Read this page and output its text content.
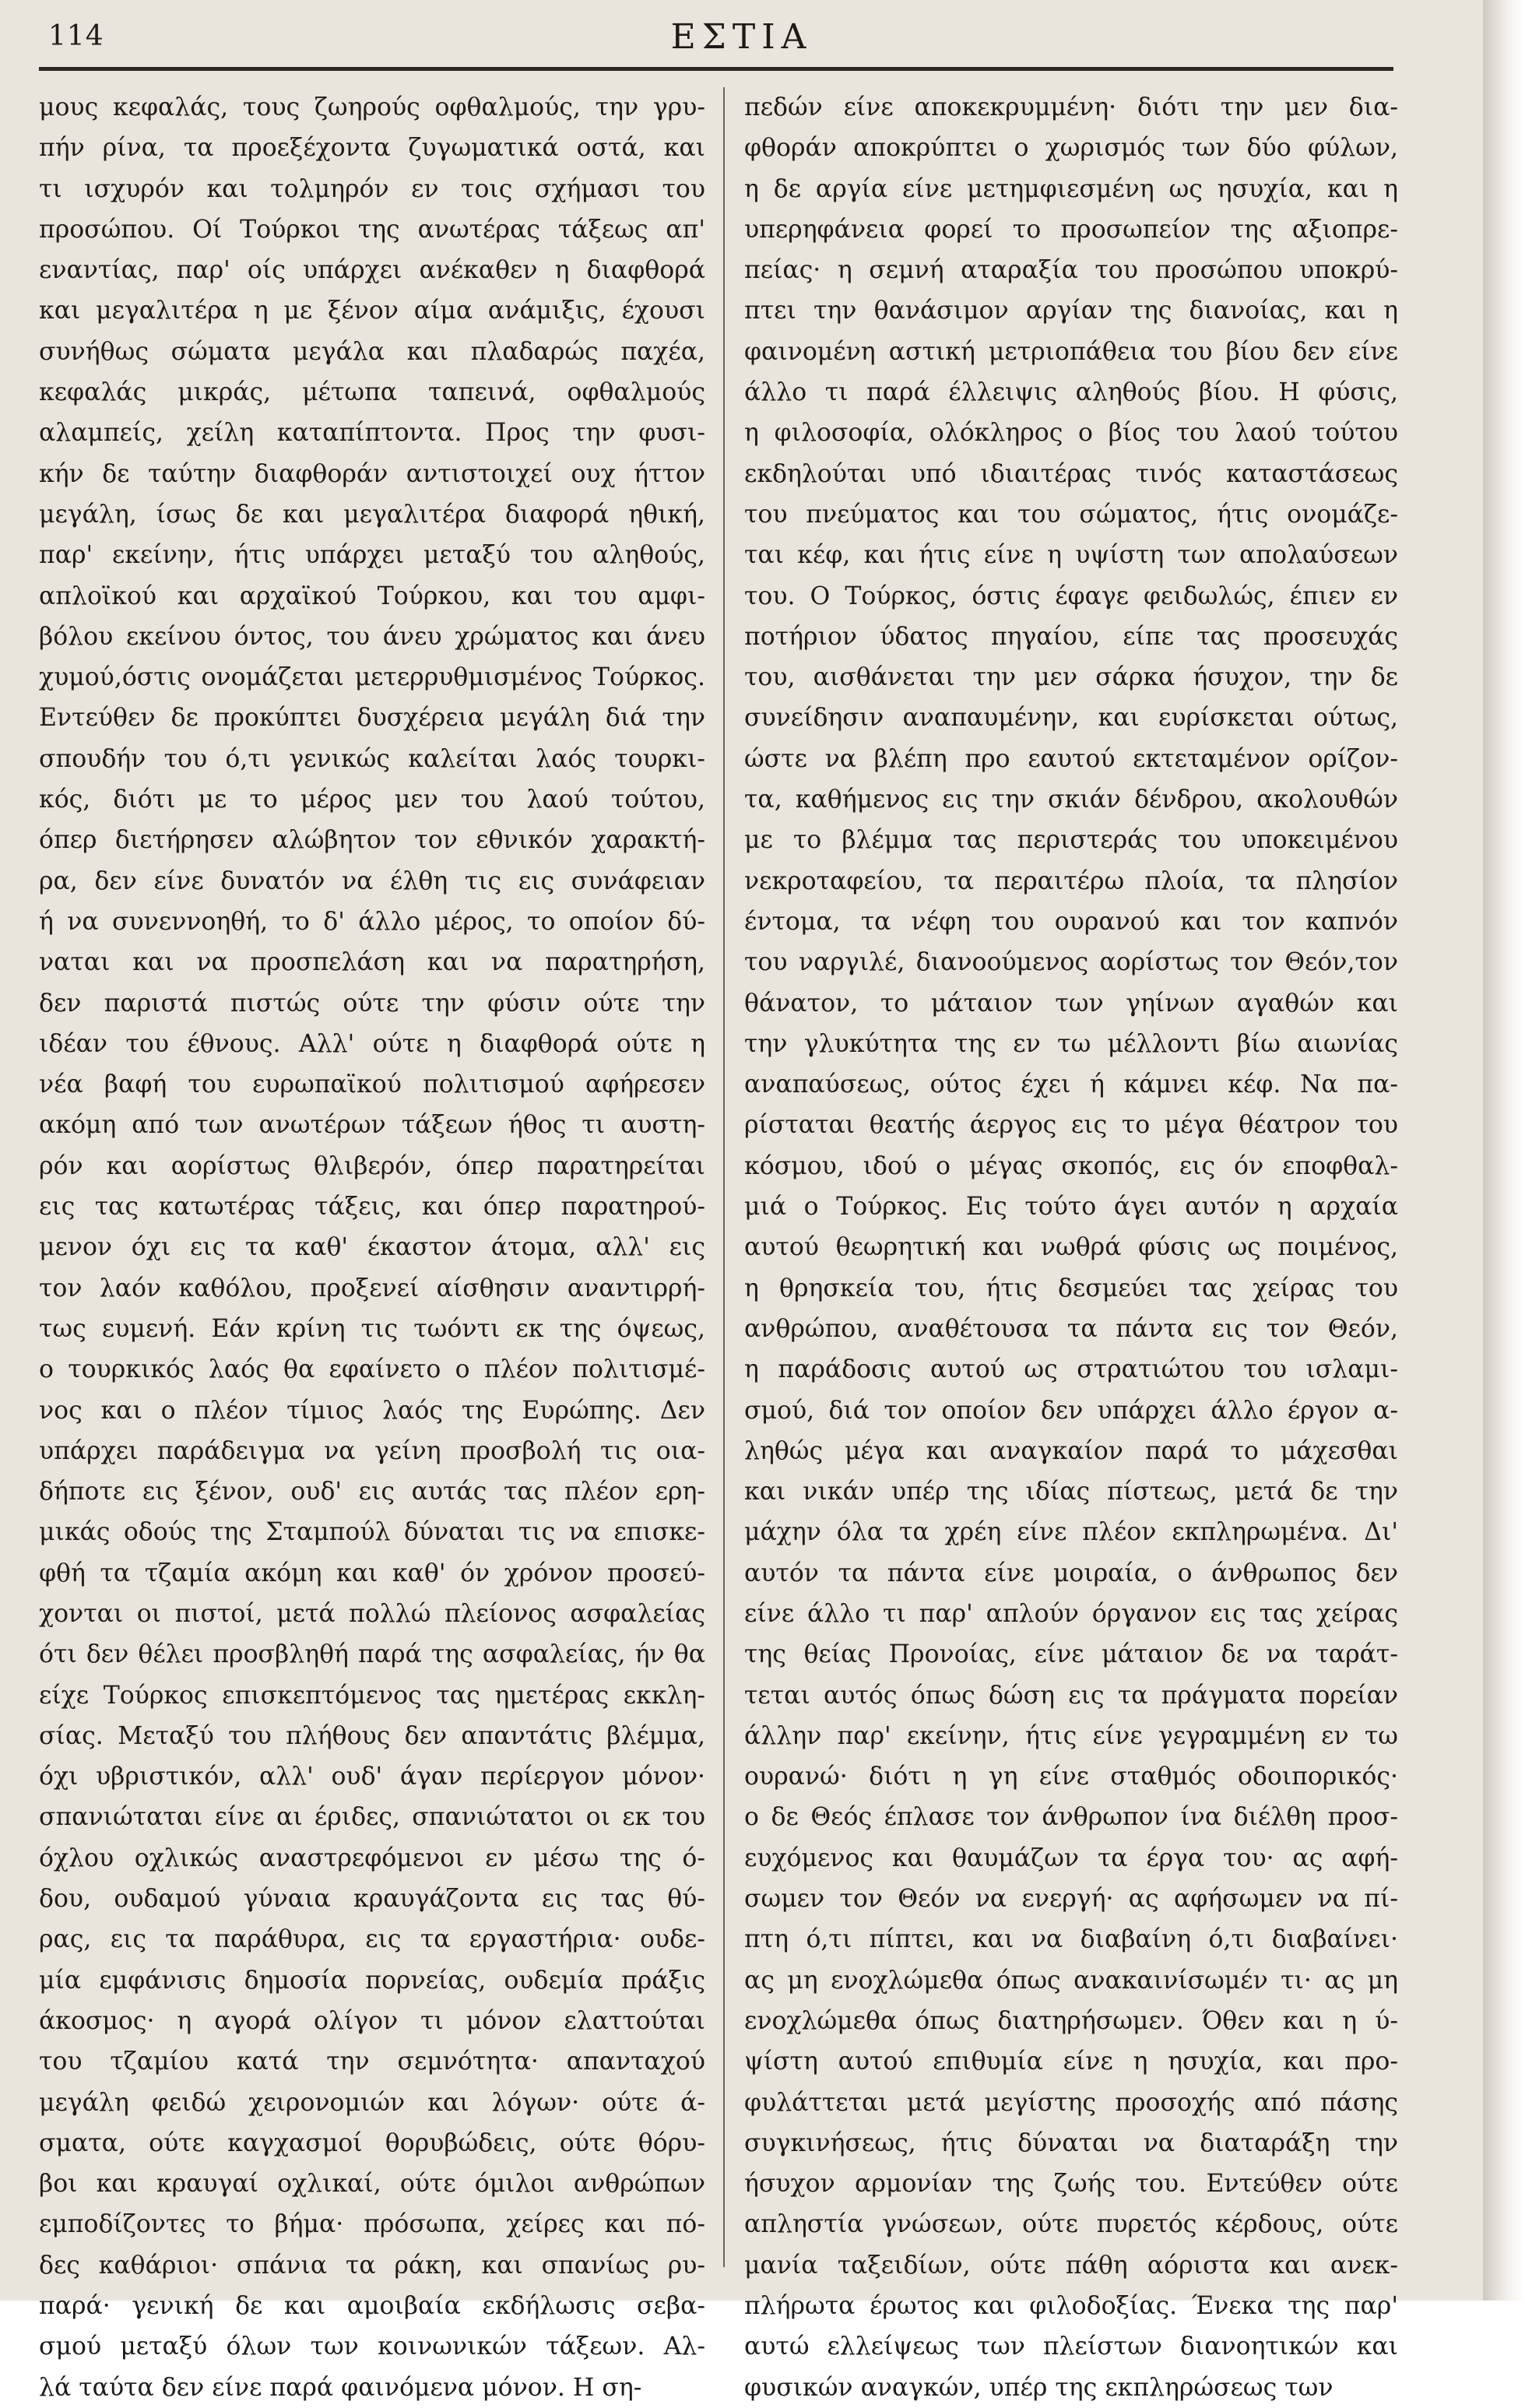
114	ΕΣΤΙΑ
μους κεφαλάς, τους ζωηρούς οφθαλμούς, την γρυ-
πήν ρίνα, τα προεξέχοντα ζυγωματικά οστά, και
τι ισχυρόν και τολμηρόν εν τοις σχήμασι του
προσώπου. Οί Τούρκοι της ανωτέρας τάξεως απ'
εναντίας, παρ' οίς υπάρχει ανέκαθεν η διαφθορά
και μεγαλιτέρα η με ξένον αίμα ανάμιξις, έχουσι
συνήθως σώματα μεγάλα και πλαδαρώς παχέα,
κεφαλάς μικράς, μέτωπα ταπεινά, οφθαλμούς
αλαμπείς, χείλη καταπίπτοντα. Προς την φυσι-
κήν δε ταύτην διαφθοράν αντιστοιχεί ουχ ήττον
μεγάλη, ίσως δε και μεγαλιτέρα διαφορά ηθική,
παρ' εκείνην, ήτις υπάρχει μεταξύ του αληθούς,
απλοϊκού και αρχαϊκού Τούρκου, και του αμφι-
βόλου εκείνου όντος, του άνευ χρώματος και άνευ
χυμού,όστις ονομάζεται μετερρυθμισμένος Τούρκος.
Εντεύθεν δε προκύπτει δυσχέρεια μεγάλη διά την
σπουδήν του ό,τι γενικώς καλείται λαός τουρκι-
κός, διότι με το μέρος μεν του λαού τούτου,
όπερ διετήρησεν αλώβητον τον εθνικόν χαρακτή-
ρα, δεν είνε δυνατόν να έλθη τις εις συνάφειαν
ή να συνεννοηθή, το δ' άλλο μέρος, το οποίον δύ-
ναται και να προσπελάση και να παρατηρήση,
δεν παριστά πιστώς ούτε την φύσιν ούτε την
ιδέαν του έθνους. Αλλ' ούτε η διαφθορά ούτε η
νέα βαφή του ευρωπαϊκού πολιτισμού αφήρεσεν
ακόμη από των ανωτέρων τάξεων ήθος τι αυστη-
ρόν και αορίστως θλιβερόν, όπερ παρατηρείται
εις τας κατωτέρας τάξεις, και όπερ παρατηρού-
μενον όχι εις τα καθ' έκαστον άτομα, αλλ' εις
τον λαόν καθόλου, προξενεί αίσθησιν αναντιρρή-
τως ευμενή. Εάν κρίνη τις τωόντι εκ της όψεως,
ο τουρκικός λαός θα εφαίνετο ο πλέον πολιτισμέ-
νος και ο πλέον τίμιος λαός της Ευρώπης. Δεν
υπάρχει παράδειγμα να γείνη προσβολή τις οια-
δήποτε εις ξένον, ουδ' εις αυτάς τας πλέον ερη-
μικάς οδούς της Σταμπούλ δύναται τις να επισκε-
φθή τα τζαμία ακόμη και καθ' όν χρόνον προσεύ-
χονται οι πιστοί, μετά πολλώ πλείονος ασφαλείας
ότι δεν θέλει προσβληθή παρά της ασφαλείας, ήν θα
είχε Τούρκος επισκεπτόμενος τας ημετέρας εκκλη-
σίας. Μεταξύ του πλήθους δεν απαντάτις βλέμμα,
όχι υβριστικόν, αλλ' ουδ' άγαν περίεργον μόνον·
σπανιώταται είνε αι έριδες, σπανιώτατοι οι εκ του
όχλου οχλικώς αναστρεφόμενοι εν μέσω της ό-
δου, ουδαμού γύναια κραυγάζοντα εις τας θύ-
ρας, εις τα παράθυρα, εις τα εργαστήρια· ουδε-
μία εμφάνισις δημοσία πορνείας, ουδεμία πράξις
άκοσμος· η αγορά ολίγον τι μόνον ελαττούται
του τζαμίου κατά την σεμνότητα· απανταχού
μεγάλη φειδώ χειρονομιών και λόγων· ούτε ά-
σματα, ούτε καγχασμοί θορυβώδεις, ούτε θόρυ-
βοι και κραυγαί οχλικαί, ούτε όμιλοι ανθρώπων
εμποδίζοντες το βήμα· πρόσωπα, χείρες και πό-
δες καθάριοι· σπάνια τα ράκη, και σπανίως ρυ-
παρά· γενική δε και αμοιβαία εκδήλωσις σεβα-
σμού μεταξύ όλων των κοινωνικών τάξεων. Αλ-
λά ταύτα δεν είνε παρά φαινόμενα μόνον. Η ση-
πεδών είνε αποκεκρυμμένη· διότι την μεν δια-
φθοράν αποκρύπτει ο χωρισμός των δύο φύλων,
η δε αργία είνε μετημφιεσμένη ως ησυχία, και η
υπερηφάνεια φορεί το προσωπείον της αξιοπρε-
πείας· η σεμνή αταραξία του προσώπου υποκρύ-
πτει την θανάσιμον αργίαν της διανοίας, και η
φαινομένη αστική μετριοπάθεια του βίου δεν είνε
άλλο τι παρά έλλειψις αληθούς βίου. Η φύσις,
η φιλοσοφία, ολόκληρος ο βίος του λαού τούτου
εκδηλούται υπό ιδιαιτέρας τινός καταστάσεως
του πνεύματος και του σώματος, ήτις ονομάζε-
ται κέφ, και ήτις είνε η υψίστη των απολαύσεων
του. Ο Τούρκος, όστις έφαγε φειδωλώς, έπιεν εν
ποτήριον ύδατος πηγαίου, είπε τας προσευχάς
του, αισθάνεται την μεν σάρκα ήσυχον, την δε
συνείδησιν αναπαυμένην, και ευρίσκεται ούτως,
ώστε να βλέπη προ εαυτού εκτεταμένον ορίζον-
τα, καθήμενος εις την σκιάν δένδρου, ακολουθών
με το βλέμμα τας περιστεράς του υποκειμένου
νεκροταφείου, τα περαιτέρω πλοία, τα πλησίον
έντομα, τα νέφη του ουρανού και τον καπνόν
του ναργιλέ, διανοούμενος αορίστως τον Θεόν,τον
θάνατον, το μάταιον των γηίνων αγαθών και
την γλυκύτητα της εν τω μέλλοντι βίω αιωνίας
αναπαύσεως, ούτος έχει ή κάμνει κέφ. Να πα-
ρίσταται θεατής άεργος εις το μέγα θέατρον του
κόσμου, ιδού ο μέγας σκοπός, εις όν εποφθαλ-
μιά ο Τούρκος. Εις τούτο άγει αυτόν η αρχαία
αυτού θεωρητική και νωθρά φύσις ως ποιμένος,
η θρησκεία του, ήτις δεσμεύει τας χείρας του
ανθρώπου, αναθέτουσα τα πάντα εις τον Θεόν,
η παράδοσις αυτού ως στρατιώτου του ισλαμι-
σμού, διά τον οποίον δεν υπάρχει άλλο έργον α-
ληθώς μέγα και αναγκαίον παρά το μάχεσθαι
και νικάν υπέρ της ιδίας πίστεως, μετά δε την
μάχην όλα τα χρέη είνε πλέον εκπληρωμένα. Δι'
αυτόν τα πάντα είνε μοιραία, ο άνθρωπος δεν
είνε άλλο τι παρ' απλούν όργανον εις τας χείρας
της θείας Προνοίας, είνε μάταιον δε να ταράτ-
τεται αυτός όπως δώση εις τα πράγματα πορείαν
άλλην παρ' εκείνην, ήτις είνε γεγραμμένη εν τω
ουρανώ· διότι η γη είνε σταθμός οδοιπορικός·
ο δε Θεός έπλασε τον άνθρωπον ίνα διέλθη προσ-
ευχόμενος και θαυμάζων τα έργα του· ας αφή-
σωμεν τον Θεόν να ενεργή· ας αφήσωμεν να πί-
πτη ό,τι πίπτει, και να διαβαίνη ό,τι διαβαίνει·
ας μη ενοχλώμεθα όπως ανακαινίσωμέν τι· ας μη
ενοχλώμεθα όπως διατηρήσωμεν. Όθεν και η ύ-
ψίστη αυτού επιθυμία είνε η ησυχία, και προ-
φυλάττεται μετά μεγίστης προσοχής από πάσης
συγκινήσεως, ήτις δύναται να διαταράξη την
ήσυχον αρμονίαν της ζωής του. Εντεύθεν ούτε
απληστία γνώσεων, ούτε πυρετός κέρδους, ούτε
μανία ταξειδίων, ούτε πάθη αόριστα και ανεκ-
πλήρωτα έρωτος και φιλοδοξίας. Ένεκα της παρ'
αυτώ ελλείψεως των πλείστων διανοητικών και
φυσικών αναγκών, υπέρ της εκπληρώσεως των
